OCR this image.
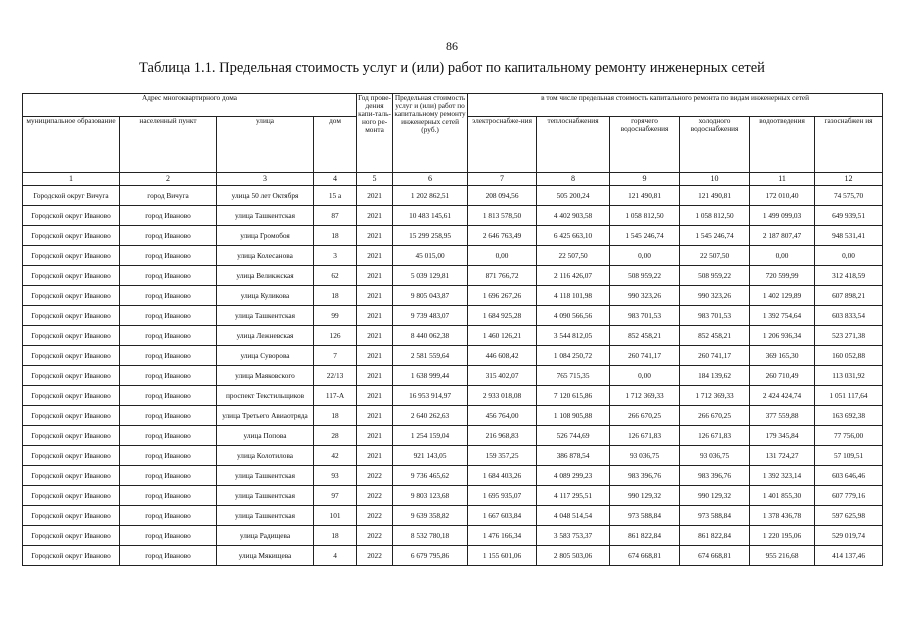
86
Таблица 1.1. Предельная стоимость услуг и (или) работ по капитальному ремонту инженерных сетей
Адрес многоквартирного дома				Год прове-дения капи-таль-ного ре-монта	Предельная стоимость услуг и (или) работ по капитальному ремонту инженерных сетей (руб.)	в том числе предельная стоимость капитального ремонта по видам инженерных сетей					
муниципальное образование	населенный пункт	улица	дом			электроснабже-ния	теплоснабжения	горячего водоснабжения	холодного водоснабжения	водоотведения	газоснабжен ия
1	2	3	4	5	6	7	8	9	10	11	12
Городской округ Вичуга	город Вичуга	улица 50 лет Октября	15 а	2021	1 202 862,51	208 094,56	505 200,24	121 490,81	121 490,81	172 010,40	74 575,70
Городской округ Иваново	город Иваново	улица Ташкентская	87	2021	10 483 145,61	1 813 578,50	4 402 903,58	1 058 812,50	1 058 812,50	1 499 099,03	649 939,51
Городской округ Иваново	город Иваново	улица Громобоя	18	2021	15 299 258,95	2 646 763,49	6 425 663,10	1 545 246,74	1 545 246,74	2 187 807,47	948 531,41
Городской округ Иваново	город Иваново	улица Колесанова	3	2021	45 015,00	0,00	22 507,50	0,00	22 507,50	0,00	0,00
Городской округ Иваново	город Иваново	улица Великжская	62	2021	5 039 129,81	871 766,72	2 116 426,07	508 959,22	508 959,22	720 599,99	312 418,59
Городской округ Иваново	город Иваново	улица Куликова	18	2021	9 805 043,87	1 696 267,26	4 118 101,98	990 323,26	990 323,26	1 402 129,89	607 898,21
Городской округ Иваново	город Иваново	улица Ташкентская	99	2021	9 739 483,07	1 684 925,28	4 090 566,56	983 701,53	983 701,53	1 392 754,64	603 833,54
Городской округ Иваново	город Иваново	улица Лежневская	126	2021	8 440 062,38	1 460 126,21	3 544 812,05	852 458,21	852 458,21	1 206 936,34	523 271,38
Городской округ Иваново	город Иваново	улица Суворова	7	2021	2 581 559,64	446 608,42	1 084 250,72	260 741,17	260 741,17	369 165,30	160 052,88
Городской округ Иваново	город Иваново	улица Маяковского	22/13	2021	1 638 999,44	315 402,07	765 715,35	0,00	184 139,62	260 710,49	113 031,92
Городской округ Иваново	город Иваново	проспект Текстильщиков	117-А	2021	16 953 914,97	2 933 018,08	7 120 615,86	1 712 369,33	1 712 369,33	2 424 424,74	1 051 117,64
Городской округ Иваново	город Иваново	улица Третьего Авиаотряда	18	2021	2 640 262,63	456 764,00	1 108 905,88	266 670,25	266 670,25	377 559,88	163 692,38
Городской округ Иваново	город Иваново	улица Попова	28	2021	1 254 159,04	216 968,83	526 744,69	126 671,83	126 671,83	179 345,84	77 756,00
Городской округ Иваново	город Иваново	улица Колотилова	42	2021	921 143,05	159 357,25	386 878,54	93 036,75	93 036,75	131 724,27	57 109,51
Городской округ Иваново	город Иваново	улица Ташкентская	93	2022	9 736 465,62	1 684 403,26	4 089 299,23	983 396,76	983 396,76	1 392 323,14	603 646,46
Городской округ Иваново	город Иваново	улица Ташкентская	97	2022	9 803 123,68	1 695 935,07	4 117 295,51	990 129,32	990 129,32	1 401 855,30	607 779,16
Городской округ Иваново	город Иваново	улица Ташкентская	101	2022	9 639 358,82	1 667 603,84	4 048 514,54	973 588,84	973 588,84	1 378 436,78	597 625,98
Городской округ Иваново	город Иваново	улица Радищева	18	2022	8 532 780,18	1 476 166,34	3 583 753,37	861 822,84	861 822,84	1 220 195,06	529 019,74
Городской округ Иваново	город Иваново	улица Мякищева	4	2022	6 679 795,86	1 155 601,06	2 805 503,06	674 668,81	674 668,81	955 216,68	414 137,46
